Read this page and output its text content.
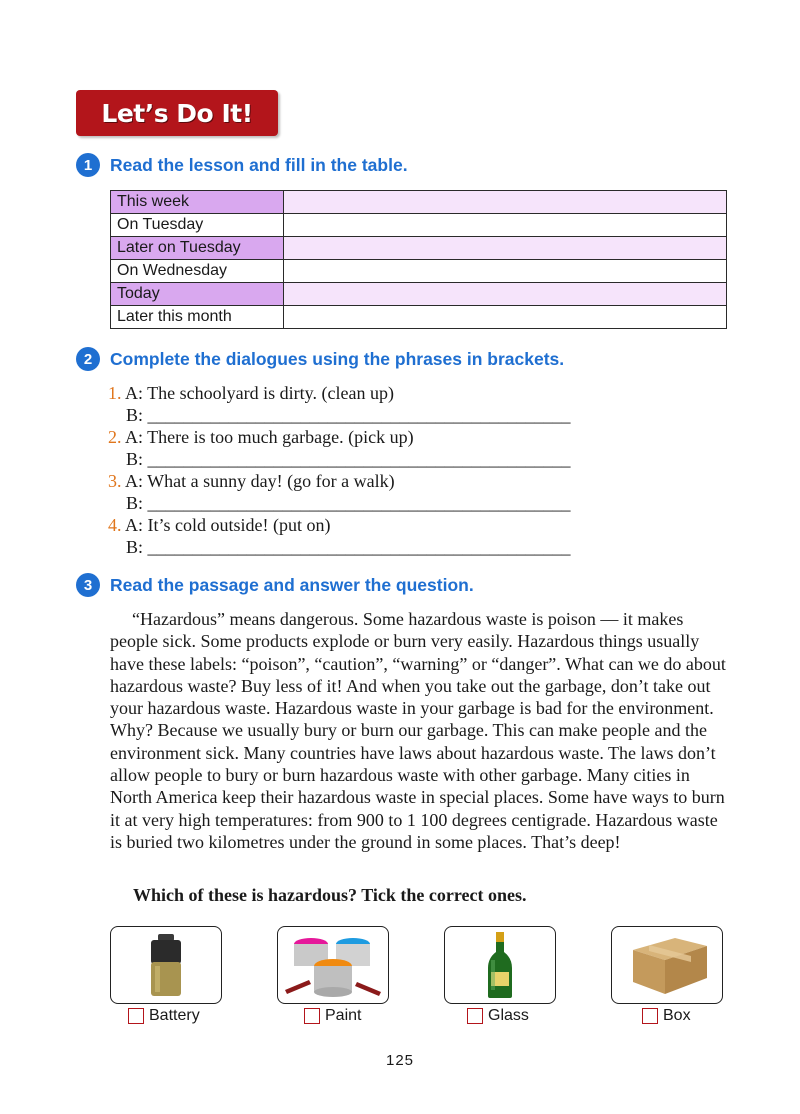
Let’s Do It!
1	Read the lesson and fill in the table.
This week	
On Tuesday	
Later on Tuesday	
On Wednesday	
Today	
Later this month	
2	Complete the dialogues using the phrases in brackets.
1. A: The schoolyard is dirty. (clean up)
B: _______________________________________________
2. A: There is too much garbage. (pick up)
B: _______________________________________________
3. A: What a sunny day! (go for a walk)
B: _______________________________________________
4. A: It’s cold outside! (put on)
B: _______________________________________________
3	Read the passage and answer the question.
“Hazardous” means dangerous. Some hazardous waste is poison — it makes people sick. Some products explode or burn very easily. Hazardous things usually have these labels: “poison”, “caution”, “warning” or “danger”. What can we do about hazardous waste? Buy less of it! And when you take out the garbage, don’t take out your hazardous waste. Hazardous waste in your garbage is bad for the environment. Why? Because we usually bury or burn our garbage. This can make people and the environment sick. Many countries have laws about hazardous waste. The laws don’t allow people to bury or burn hazardous waste with other garbage. Many cities in North America keep their hazardous waste in special places. Some have ways to burn it at very high temperatures: from 900 to 1 100 degrees centigrade. Hazardous waste is buried two kilometres under the ground in some places. That’s deep!
Which of these is hazardous? Tick the correct ones.
Battery	Paint	Glass	Box
125
